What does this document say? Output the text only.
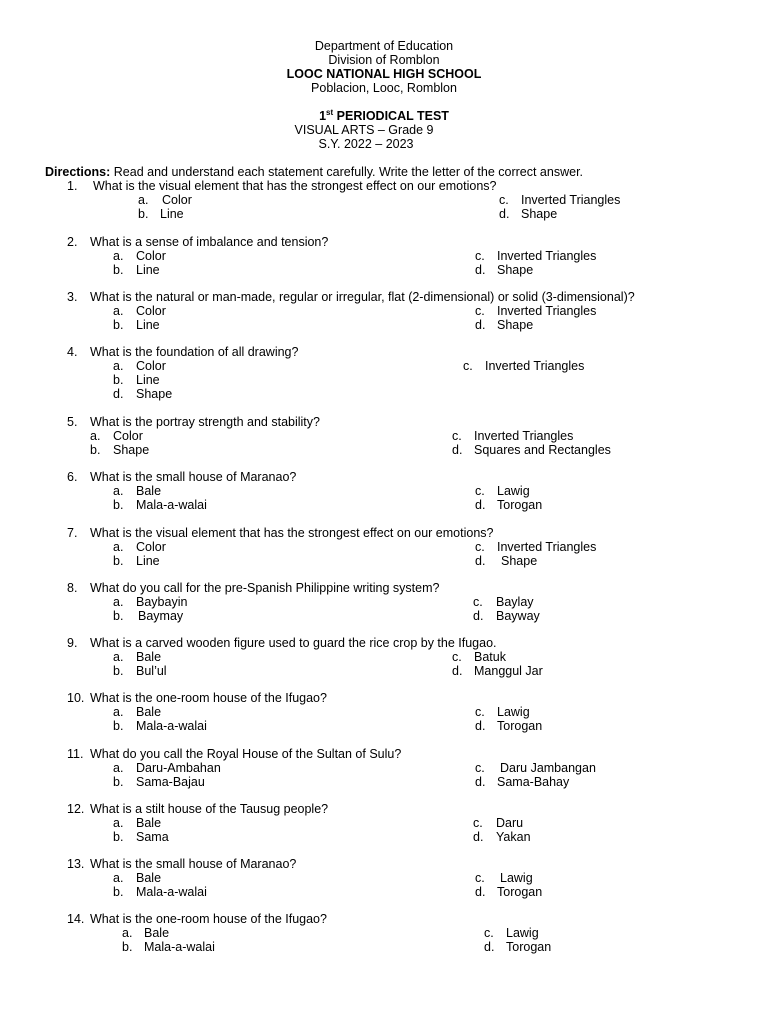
Department of Education
Division of Romblon
LOOC NATIONAL HIGH SCHOOL
Poblacion, Looc, Romblon
1st PERIODICAL TEST
VISUAL ARTS – Grade 9
S.Y. 2022 – 2023
Directions: Read and understand each statement carefully. Write the letter of the correct answer.
1. What is the visual element that has the strongest effect on our emotions?
a. Color	c. Inverted Triangles
b. Line	d. Shape
2. What is a sense of imbalance and tension?
a. Color	c. Inverted Triangles
b. Line	d. Shape
3. What is the natural or man-made, regular or irregular, flat (2-dimensional) or solid (3-dimensional)?
a. Color	c. Inverted Triangles
b. Line	d. Shape
4. What is the foundation of all drawing?
a. Color	c. Inverted Triangles
b. Line
d. Shape
5. What is the portray strength and stability?
a. Color	c. Inverted Triangles
b. Shape	d. Squares and Rectangles
6. What is the small house of Maranao?
a. Bale	c. Lawig
b. Mala-a-walai	d. Torogan
7. What is the visual element that has the strongest effect on our emotions?
a. Color	c. Inverted Triangles
b. Line	d. Shape
8. What do you call for the pre-Spanish Philippine writing system?
a. Baybayin	c. Baylay
b. Baymay	d. Bayway
9. What is a carved wooden figure used to guard the rice crop by the Ifugao.
a. Bale	c. Batuk
b. Bul’ul	d. Manggul Jar
10. What is the one-room house of the Ifugao?
a. Bale	c. Lawig
b. Mala-a-walai	d. Torogan
11. What do you call the Royal House of the Sultan of Sulu?
a. Daru-Ambahan	c. Daru Jambangan
b. Sama-Bajau	d. Sama-Bahay
12. What is a stilt house of the Tausug people?
a. Bale	c. Daru
b. Sama	d. Yakan
13. What is the small house of Maranao?
a. Bale	c. Lawig
b. Mala-a-walai	d. Torogan
14. What is the one-room house of the Ifugao?
a. Bale	c. Lawig
b. Mala-a-walai	d. Torogan
